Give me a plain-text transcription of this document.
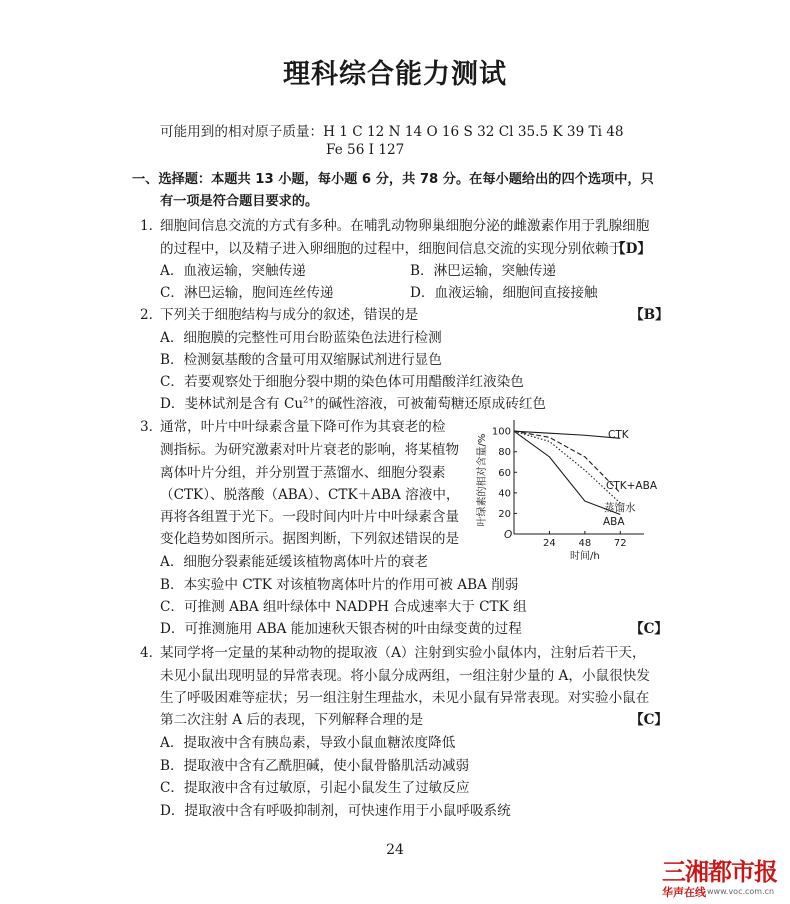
理科综合能力测试
可能用到的相对原子质量：H 1 C 12 N 14 O 16 S 32 Cl 35.5 K 39 Ti 48
Fe 56 I 127
一、选择题：本题共 13 小题，每小题 6 分，共 78 分。在每小题给出的四个选项中，只
有一项是符合题目要求的。
1．
细胞间信息交流的方式有多种。在哺乳动物卵巢细胞分泌的雌激素作用于乳腺细胞
的过程中，以及精子进入卵细胞的过程中，细胞间信息交流的实现分别依赖于
【D】
A．血液运输，突触传递	B．淋巴运输，突触传递
C．淋巴运输，胞间连丝传递	D．血液运输，细胞间直接接触
2．
下列关于细胞结构与成分的叙述，错误的是	【B】
A．细胞膜的完整性可用台盼蓝染色法进行检测
B．检测氨基酸的含量可用双缩脲试剂进行显色
C．若要观察处于细胞分裂中期的染色体可用醋酸洋红液染色
D．斐林试剂是含有 $Cu^{2+}$的碱性溶液，可被葡萄糖还原成砖红色
3．
通常，叶片中叶绿素含量下降可作为其衰老的检
测指标。为研究激素对叶片衰老的影响，将某植物
离体叶片分组，并分别置于蒸馏水、细胞分裂素
（CTK）、脱落酸（ABA）、CTK＋ABA 溶液中，
再将各组置于光下。一段时间内叶片中叶绿素含量
变化趋势如图所示。据图判断，下列叙述错误的是
A．细胞分裂素能延缓该植物离体叶片的衰老
B．本实验中 CTK 对该植物离体叶片的作用可被 ABA 削弱
C．可推测 ABA 组叶绿体中 NADPH 合成速率大于 CTK 组
D．可推测施用 ABA 能加速秋天银杏树的叶由绿变黄的过程	【C】
O
24 48 72
20
40
60
80
100
时间/h
叶绿素的相对含量/%	CTK
CTK+ABA
蒸馏水
ABA
4．
某同学将一定量的某种动物的提取液（A）注射到实验小鼠体内，注射后若干天，
未见小鼠出现明显的异常表现。将小鼠分成两组，一组注射少量的 A，小鼠很快发
生了呼吸困难等症状；另一组注射生理盐水，未见小鼠有异常表现。对实验小鼠在
第二次注射 A 后的表现，下列解释合理的是	【C】
A．提取液中含有胰岛素，导致小鼠血糖浓度降低
B．提取液中含有乙酰胆碱，使小鼠骨骼肌活动减弱
C．提取液中含有过敏原，引起小鼠发生了过敏反应
D．提取液中含有呼吸抑制剂，可快速作用于小鼠呼吸系统
24
三湘都市报
华声在线 www.voc.com.cn
